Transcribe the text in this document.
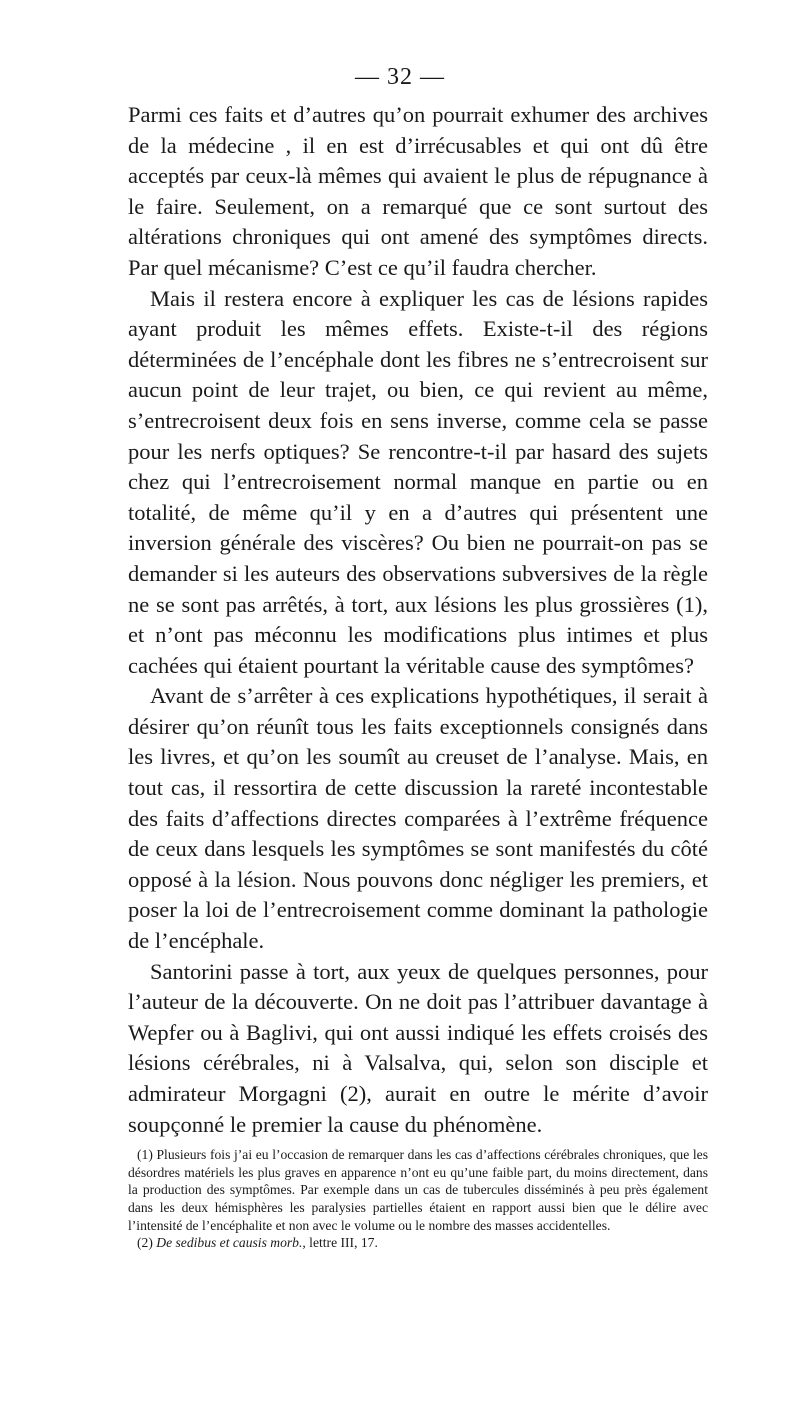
— 32 —

Parmi ces faits et d’autres qu’on pourrait exhumer des archives de la médecine , il en est d’irrécusables et qui ont dû être acceptés par ceux-là mêmes qui avaient le plus de répugnance à le faire. Seulement, on a remarqué que ce sont surtout des altérations chroniques qui ont amené des symptômes directs. Par quel mécanisme? C’est ce qu’il faudra chercher.

Mais il restera encore à expliquer les cas de lésions rapides ayant produit les mêmes effets. Existe-t-il des régions déterminées de l’encéphale dont les fibres ne s’entrecroisent sur aucun point de leur trajet, ou bien, ce qui revient au même, s’entrecroisent deux fois en sens inverse, comme cela se passe pour les nerfs optiques? Se rencontre-t-il par hasard des sujets chez qui l’entrecroisement normal manque en partie ou en totalité, de même qu’il y en a d’autres qui présentent une inversion générale des viscères? Ou bien ne pourrait-on pas se demander si les auteurs des observations subversives de la règle ne se sont pas arrêtés, à tort, aux lésions les plus grossières (1), et n’ont pas méconnu les modifications plus intimes et plus cachées qui étaient pourtant la véritable cause des symptômes?

Avant de s’arrêter à ces explications hypothétiques, il serait à désirer qu’on réunît tous les faits exceptionnels consignés dans les livres, et qu’on les soumît au creuset de l’analyse. Mais, en tout cas, il ressortira de cette discussion la rareté incontestable des faits d’affections directes comparées à l’extrême fréquence de ceux dans lesquels les symptômes se sont manifestés du côté opposé à la lésion. Nous pouvons donc négliger les premiers, et poser la loi de l’entrecroisement comme dominant la pathologie de l’encéphale.

Santorini passe à tort, aux yeux de quelques personnes, pour l’auteur de la découverte. On ne doit pas l’attribuer davantage à Wepfer ou à Baglivi, qui ont aussi indiqué les effets croisés des lésions cérébrales, ni à Valsalva, qui, selon son disciple et admirateur Morgagni (2), aurait en outre le mérite d’avoir soupçonné le premier la cause du phénomène.

(1) Plusieurs fois j’ai eu l’occasion de remarquer dans les cas d’affections cérébrales chroniques, que les désordres matériels les plus graves en apparence n’ont eu qu’une faible part, du moins directement, dans la production des symptômes. Par exemple dans un cas de tubercules disséminés à peu près également dans les deux hémisphères les paralysies partielles étaient en rapport aussi bien que le délire avec l’intensité de l’encéphalite et non avec le volume ou le nombre des masses accidentelles.

(2) De sedibus et causis morb., lettre III, 17.
